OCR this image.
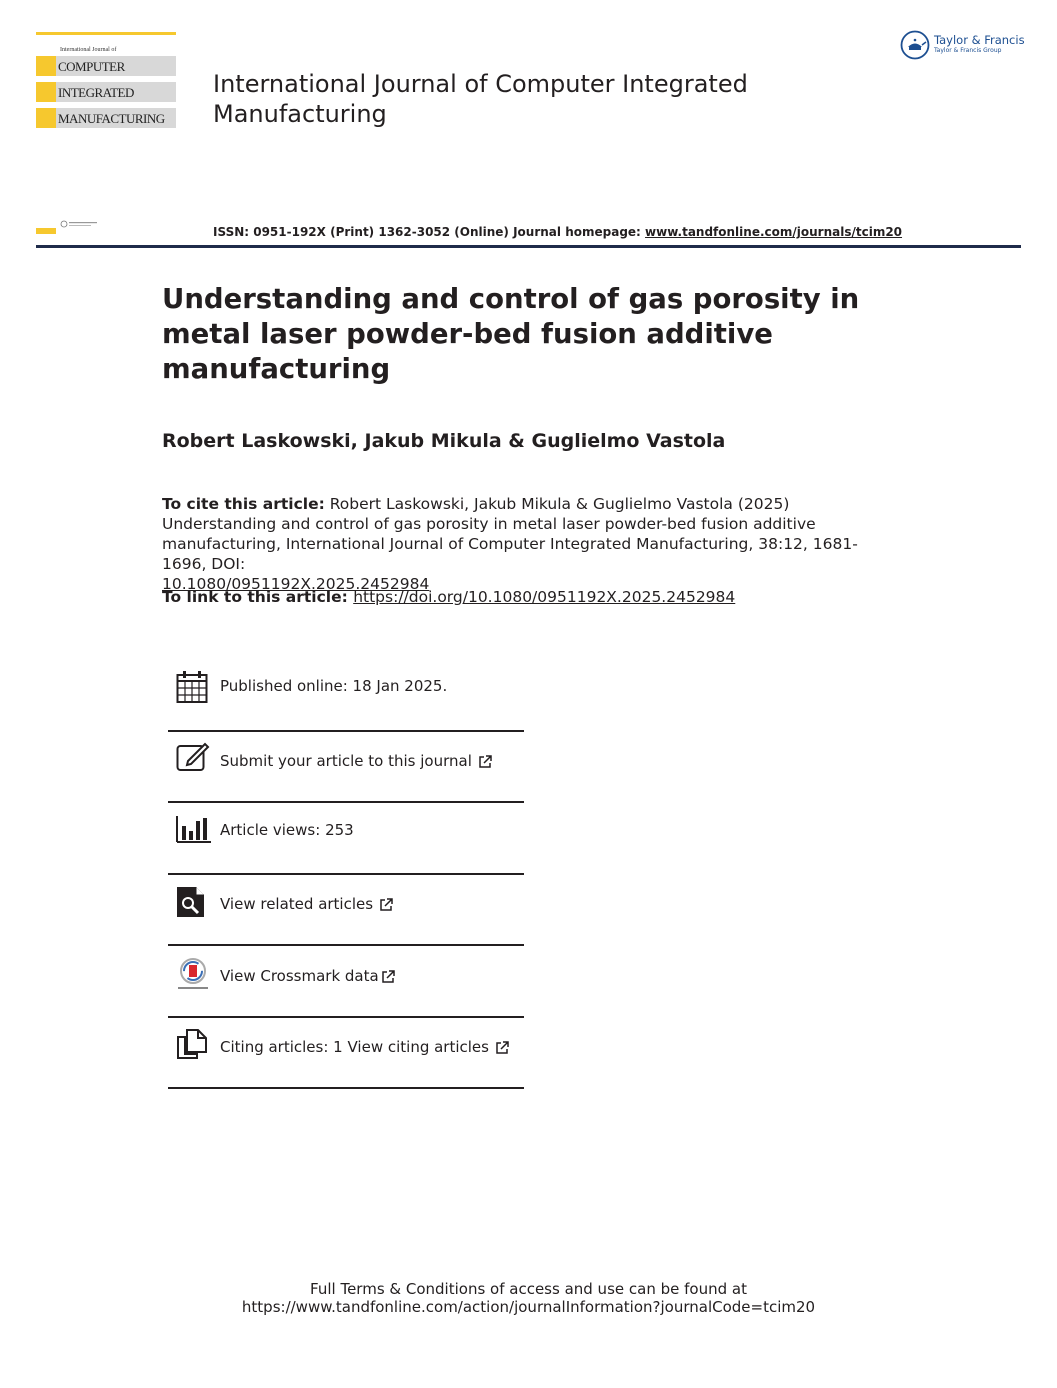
International Journal of
COMPUTER
INTEGRATED
MANUFACTURING
International Journal of Computer Integrated Manufacturing
Taylor & Francis
Taylor & Francis Group
ISSN: 0951-192X (Print) 1362-3052 (Online) Journal homepage: www.tandfonline.com/journals/tcim20
Understanding and control of gas porosity in metal laser powder-bed fusion additive manufacturing
Robert Laskowski, Jakub Mikula & Guglielmo Vastola
To cite this article: Robert Laskowski, Jakub Mikula & Guglielmo Vastola (2025) Understanding and control of gas porosity in metal laser powder-bed fusion additive manufacturing, International Journal of Computer Integrated Manufacturing, 38:12, 1681-1696, DOI:
10.1080/0951192X.2025.2452984
To link to this article: https://doi.org/10.1080/0951192X.2025.2452984
Published online: 18 Jan 2025.
Submit your article to this journal
Article views: 253
View related articles
View Crossmark data
Citing articles: 1 View citing articles
Full Terms & Conditions of access and use can be found at
https://www.tandfonline.com/action/journalInformation?journalCode=tcim20
